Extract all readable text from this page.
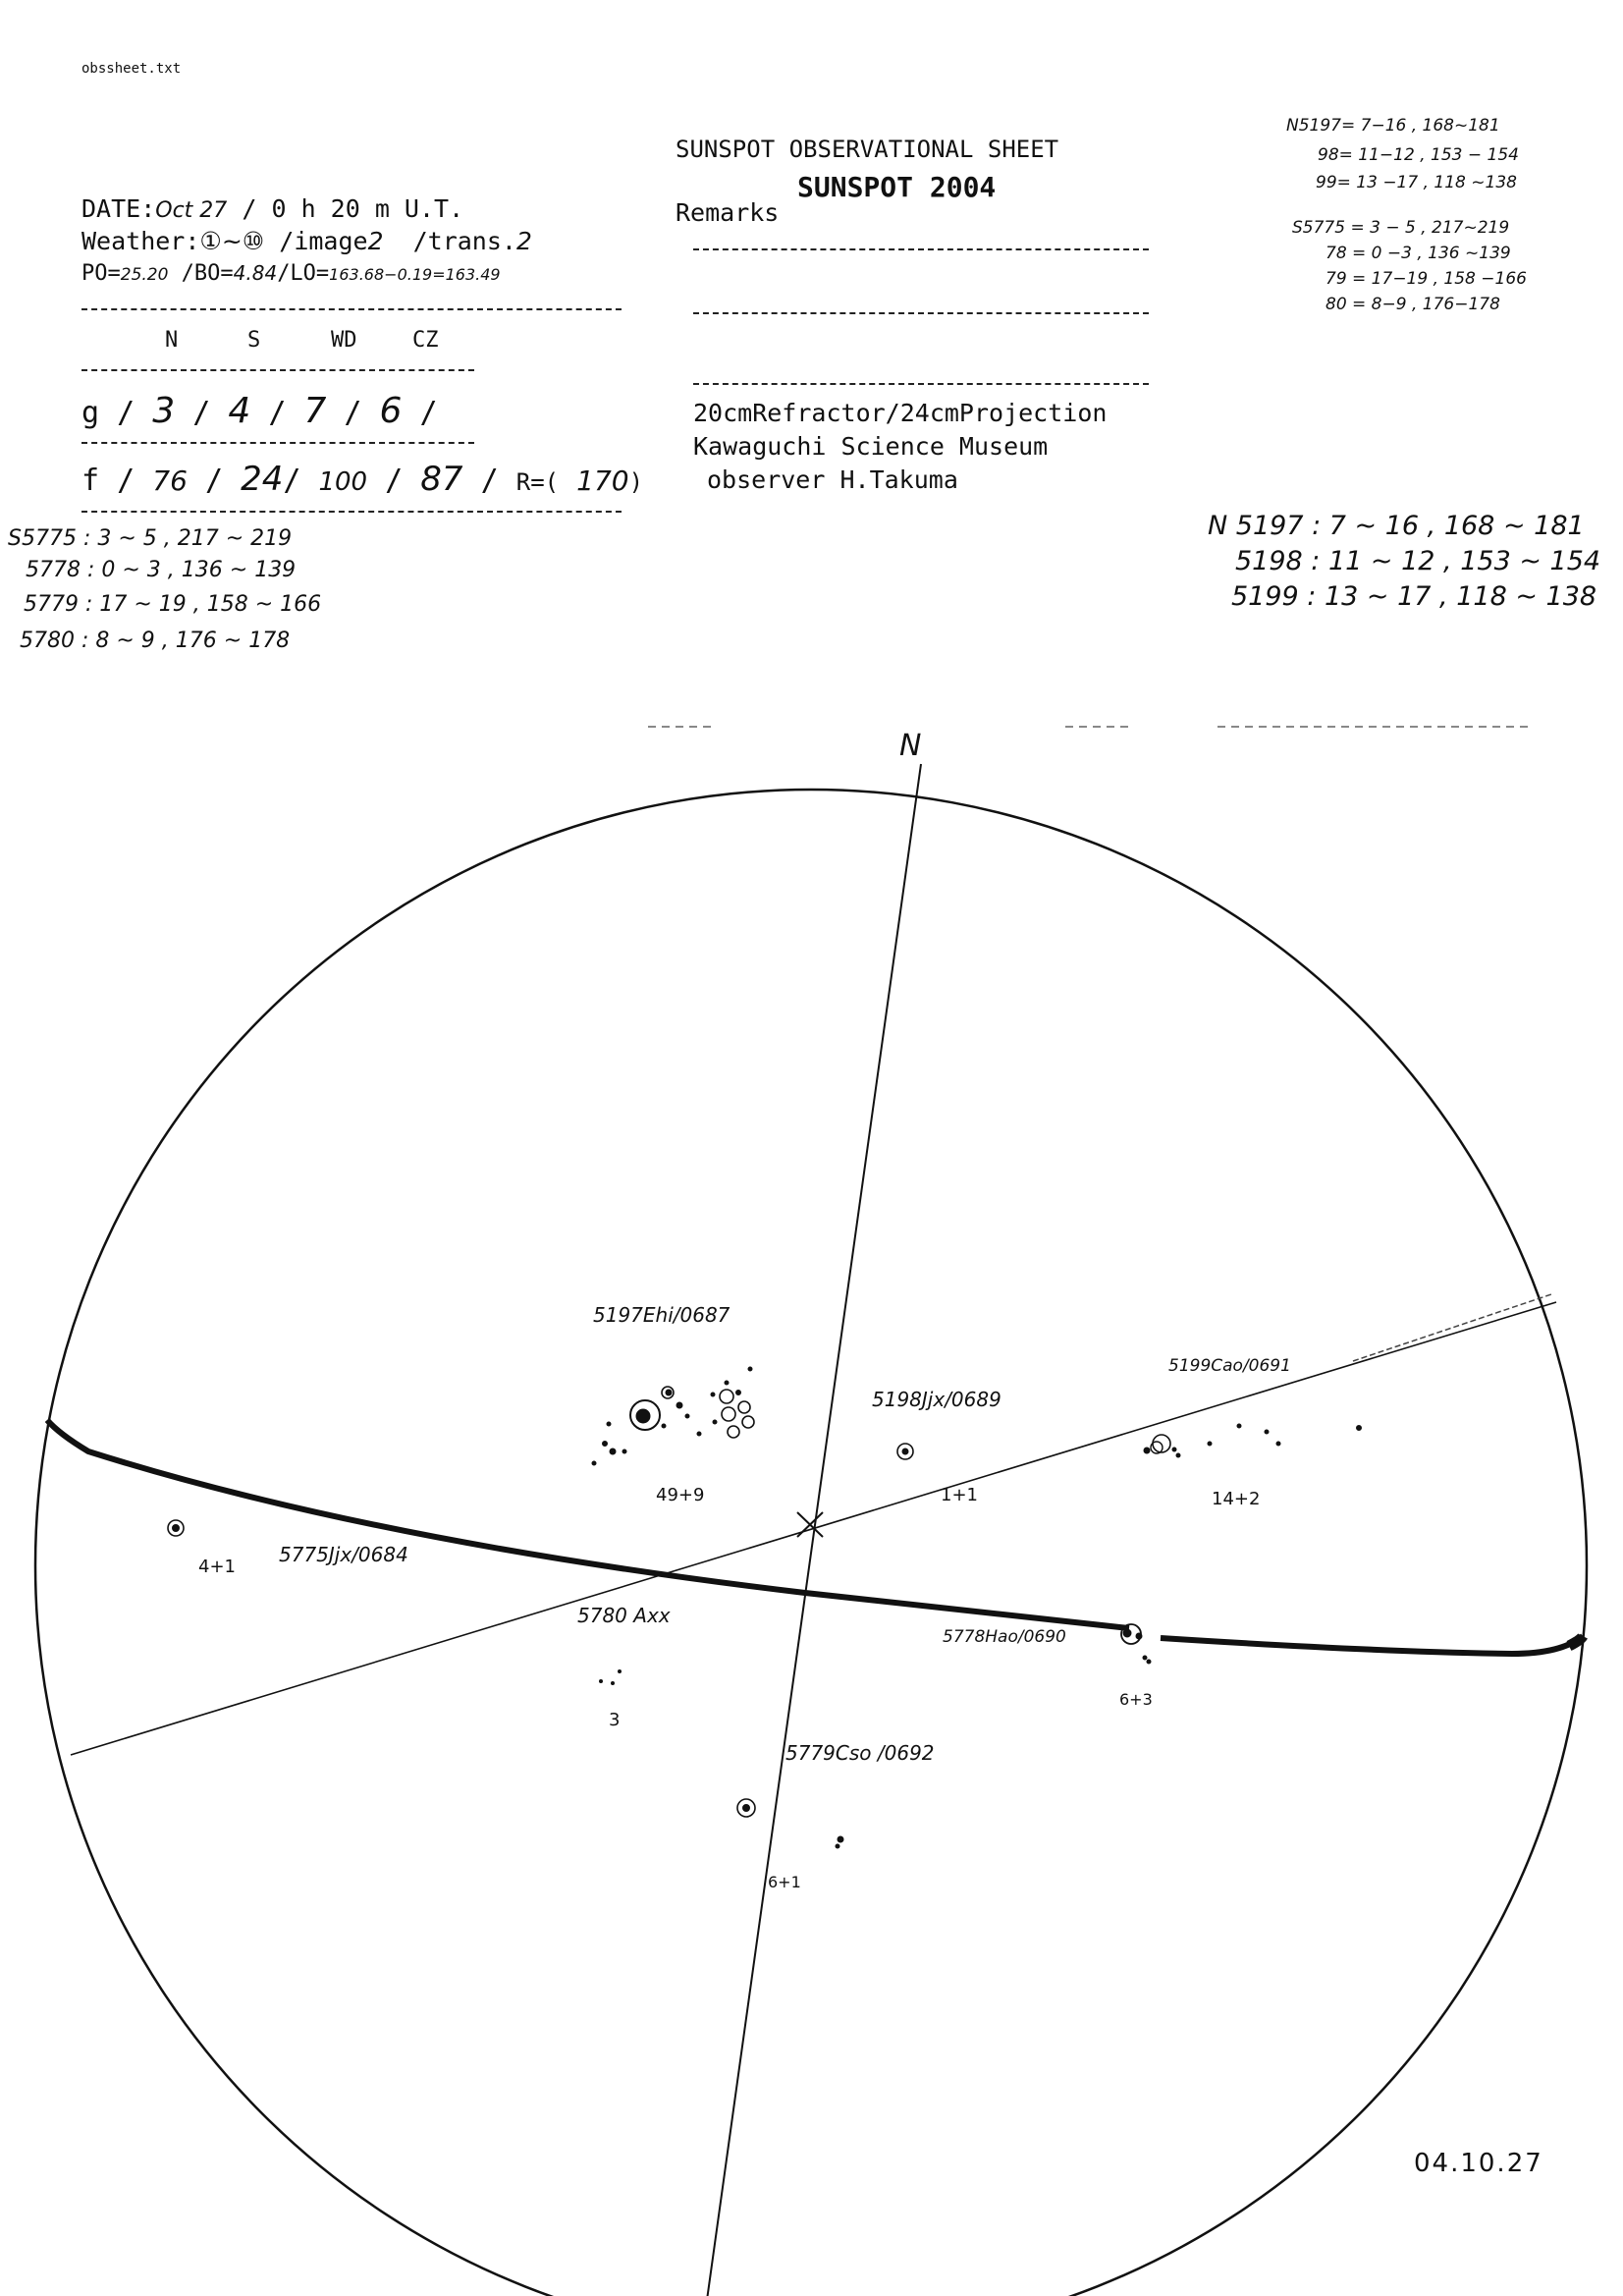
obssheet.txt
SUNSPOT OBSERVATIONAL SHEET
SUNSPOT 2004
DATE:Oct 27 / 0 h 20 m U.T.
Weather:①~⑩ /image2 /trans.2
PO=25.20 /BO=4.84/LO=163.68−0.19=163.49
N	S	WD	CZ
g / 3 / 4 / 7 / 6 /
f / 76 / 24/ 100 / 87 / R=( 170)
Remarks
20cmRefractor/24cmProjection
Kawaguchi Science Museum
observer H.Takuma
S5775 : 3 ~ 5 , 217 ~ 219
5778 : 0 ~ 3 , 136 ~ 139
5779 : 17 ~ 19 , 158 ~ 166
5780 : 8 ~ 9 , 176 ~ 178
N5197= 7−16 , 168~181
98= 11−12 , 153 − 154
99= 13 −17 , 118 ~138
S5775 = 3 − 5 , 217~219
78 = 0 −3 , 136 ~139
79 = 17−19 , 158 −166
80 = 8−9 , 176−178
N 5197 : 7 ~ 16 , 168 ~ 181
5198 : 11 ~ 12 , 153 ~ 154
5199 : 13 ~ 17 , 118 ~ 138
N
5197Ehi/0687
49+9
5198Jjx/0689
1+1
5199Cao/0691
14+2
5775Jjx/0684
4+1
5780 Axx
3
5778Hao/0690
6+3
5779Cso /0692
6+1
04.10.27
